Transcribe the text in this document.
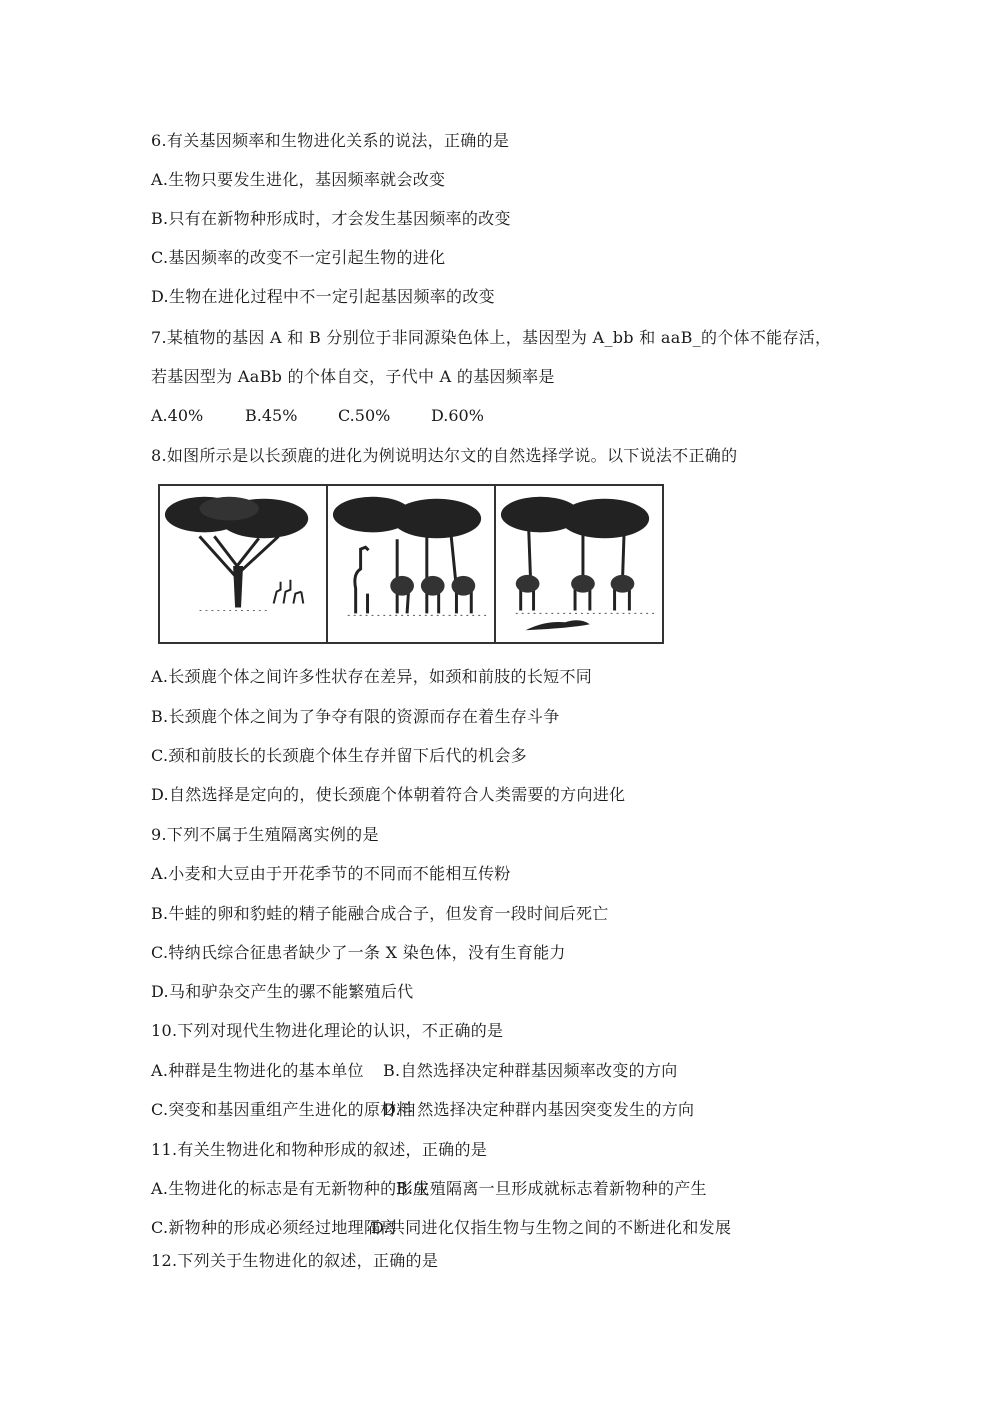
6.有关基因频率和生物进化关系的说法，正确的是
A.生物只要发生进化，基因频率就会改变
B.只有在新物种形成时，才会发生基因频率的改变
C.基因频率的改变不一定引起生物的进化
D.生物在进化过程中不一定引起基因频率的改变
7.某植物的基因 A 和 B 分别位于非同源染色体上，基因型为 A_bb 和 aaB_的个体不能存活，
若基因型为 AaBb 的个体自交，子代中 A 的基因频率是
A.40%	B.45%	C.50%	D.60%
8.如图所示是以长颈鹿的进化为例说明达尔文的自然选择学说。以下说法不正确的
A.长颈鹿个体之间许多性状存在差异，如颈和前肢的长短不同
B.长颈鹿个体之间为了争夺有限的资源而存在着生存斗争
C.颈和前肢长的长颈鹿个体生存并留下后代的机会多
D.自然选择是定向的，使长颈鹿个体朝着符合人类需要的方向进化
9.下列不属于生殖隔离实例的是
A.小麦和大豆由于开花季节的不同而不能相互传粉
B.牛蛙的卵和豹蛙的精子能融合成合子，但发育一段时间后死亡
C.特纳氏综合征患者缺少了一条 X 染色体，没有生育能力
D.马和驴杂交产生的骡不能繁殖后代
10.下列对现代生物进化理论的认识，不正确的是
A.种群是生物进化的基本单位 B.自然选择决定种群基因频率改变的方向
C.突变和基因重组产生进化的原材料
D.自然选择决定种群内基因突变发生的方向
11.有关生物进化和物种形成的叙述，正确的是
A.生物进化的标志是有无新物种的形成
B.生殖隔离一旦形成就标志着新物种的产生
C.新物种的形成必须经过地理隔离
D.共同进化仅指生物与生物之间的不断进化和发展
12.下列关于生物进化的叙述，正确的是
